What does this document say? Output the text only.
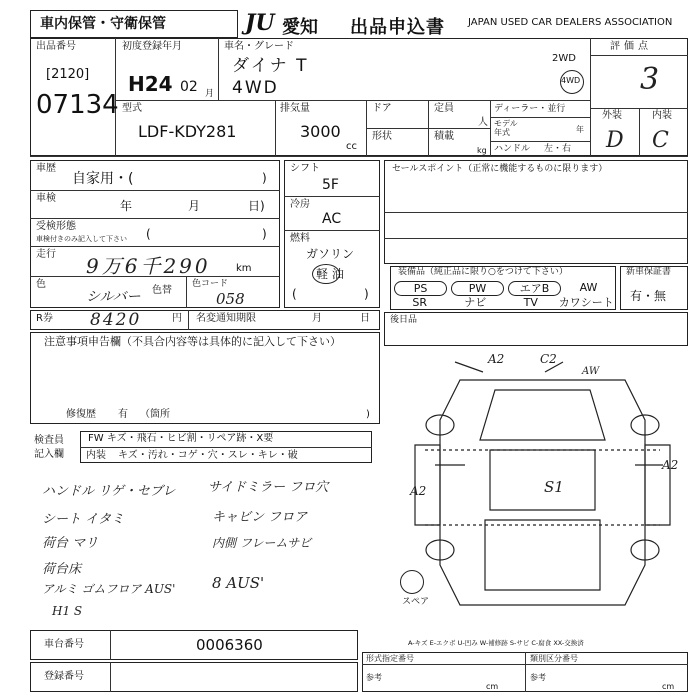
車内保管・守衛保管	JU 愛知 出品申込書 JAPAN USED CAR DEALERS ASSOCIATION
出品番号
[2120]
07134
初度登録年月
H24 02 月
車名・グレード
ダイナ T
4WD
2WD
4WD
評価点
3
外装	内装
D C
型式
LDF-KDY281
排気量
3000
cc
ドア
形状
定員
人
積載
kg
ディーラー・並行
モデル年式	年
ハンドル 左・右
車歴
自家用・(	)
車検
年	月	日)
受検形態
車検付きのみ記入して下さい (	)
走行 9万6千290	km
色
シルバー 色替
色コード
058
シフト
5F
冷房
AC
燃料
ガソリン
軽 油
(	)
セールスポイント（正常に機能するものに限ります）
装備品（純正品に限り○をつけて下さい）
PS	PW	エアB	AW
SR	ナビ	TV	カワシート
新車保証書
有・無
R券 8420	円 名変通知期限	月	日 後日品
注意事項申告欄（不具合内容等は具体的に記入して下さい）
修復歴 有 （箇所	)
検査員
記入欄
FW キズ・飛石・ヒビ割・リペア跡・X要
内装 キズ・汚れ・コゲ・穴・スレ・キレ・破
ハンドル リゲ・セブレ
シート イタミ
荷台 マリ
荷台床
アルミ ゴムフロア AUS'
H1 S
サイドミラー フロ穴
キャビン フロア
内側 フレームサビ
8 AUS'
A2	C2
AW
A2
A2
S1
スペア
A-キズ E-エクボ U-凹み W-補修跡 S-サビ C-腐食 XX-交換済
車台番号	0006360
登録番号
形式指定番号	類別区分番号
参考
cm
参考
cm
